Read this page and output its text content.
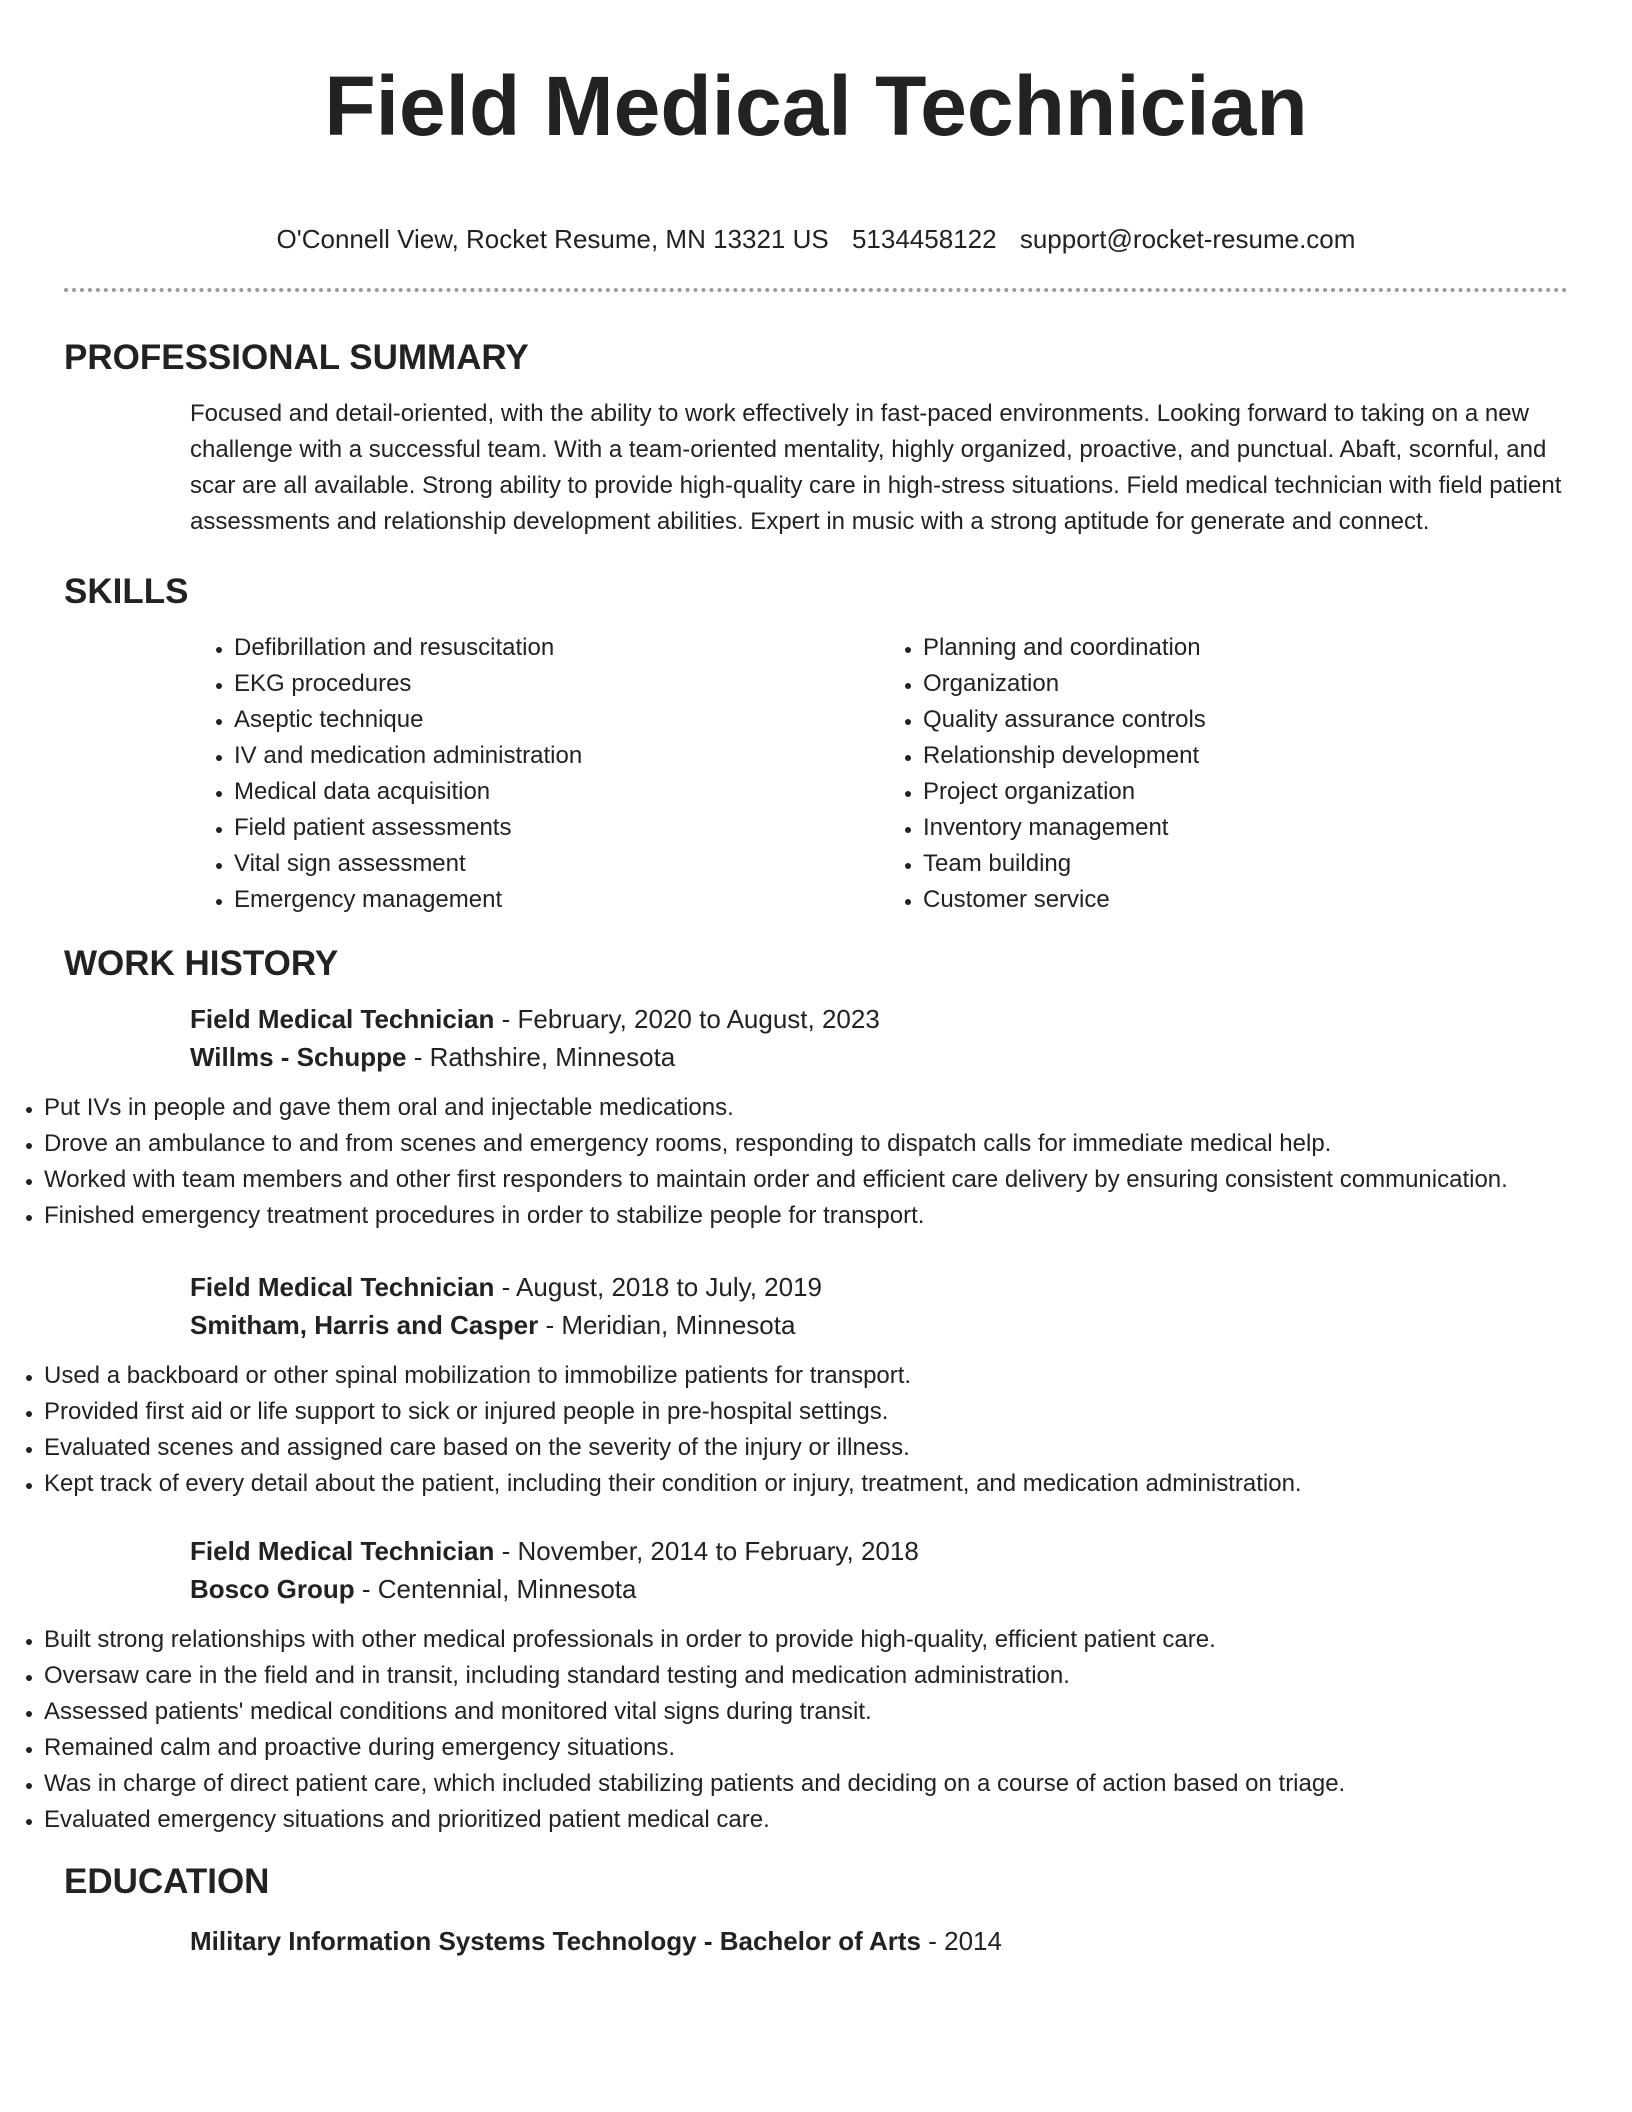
Field Medical Technician
O'Connell View, Rocket Resume, MN 13321 US 5134458122 support@rocket-resume.com
PROFESSIONAL SUMMARY

Focused and detail-oriented, with the ability to work effectively in fast-paced environments. Looking forward to taking on a new challenge with a successful team. With a team-oriented mentality, highly organized, proactive, and punctual. Abaft, scornful, and scar are all available. Strong ability to provide high-quality care in high-stress situations. Field medical technician with field patient assessments and relationship development abilities. Expert in music with a strong aptitude for generate and connect.

SKILLS
• Defibrillation and resuscitation
• EKG procedures
• Aseptic technique
• IV and medication administration
• Medical data acquisition
• Field patient assessments
• Vital sign assessment
• Emergency management
• Planning and coordination
• Organization
• Quality assurance controls
• Relationship development
• Project organization
• Inventory management
• Team building
• Customer service
WORK HISTORY
Field Medical Technician - February, 2020 to August, 2023
Willms - Schuppe - Rathshire, Minnesota
• Put IVs in people and gave them oral and injectable medications.
• Drove an ambulance to and from scenes and emergency rooms, responding to dispatch calls for immediate medical help.
• Worked with team members and other first responders to maintain order and efficient care delivery by ensuring consistent communication.
• Finished emergency treatment procedures in order to stabilize people for transport.
Field Medical Technician - August, 2018 to July, 2019
Smitham, Harris and Casper - Meridian, Minnesota
• Used a backboard or other spinal mobilization to immobilize patients for transport.
• Provided first aid or life support to sick or injured people in pre-hospital settings.
• Evaluated scenes and assigned care based on the severity of the injury or illness.
• Kept track of every detail about the patient, including their condition or injury, treatment, and medication administration.
Field Medical Technician - November, 2014 to February, 2018
Bosco Group - Centennial, Minnesota
• Built strong relationships with other medical professionals in order to provide high-quality, efficient patient care.
• Oversaw care in the field and in transit, including standard testing and medication administration.
• Assessed patients' medical conditions and monitored vital signs during transit.
• Remained calm and proactive during emergency situations.
• Was in charge of direct patient care, which included stabilizing patients and deciding on a course of action based on triage.
• Evaluated emergency situations and prioritized patient medical care.
EDUCATION
Military Information Systems Technology - Bachelor of Arts - 2014
